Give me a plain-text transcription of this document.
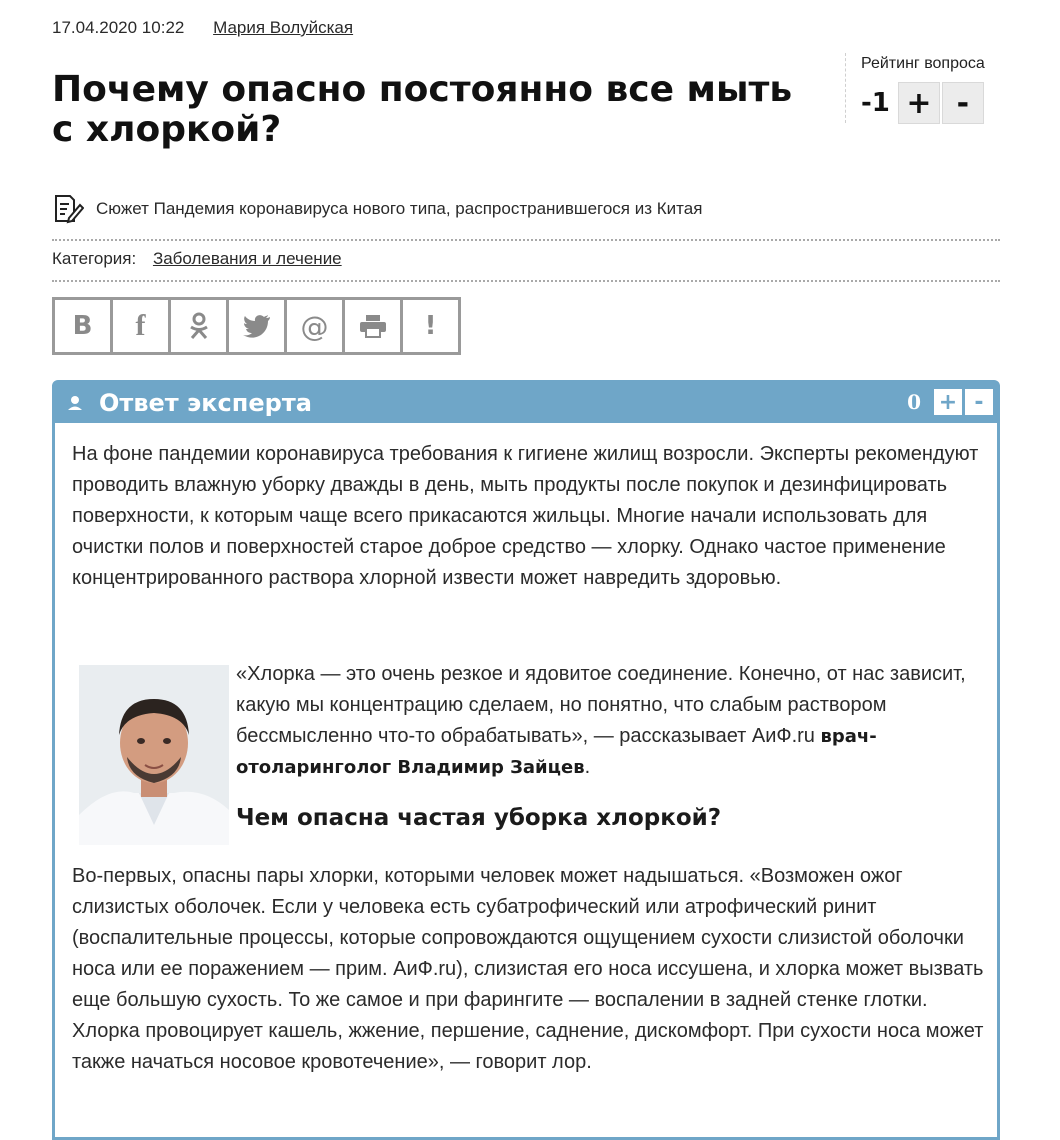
17.04.2020 10:22 Мария Волуйская
Почему опасно постоянно все мыть с хлоркой?
Рейтинг вопроса
-1 + -
Сюжет Пандемия коронавируса нового типа, распространившегося из Китая
Категория: Заболевания и лечение
B f	@	!
Ответ эксперта	0 + -

На фоне пандемии коронавируса требования к гигиене жилищ возросли. Эксперты рекомендуют проводить влажную уборку дважды в день, мыть продукты после покупок и дезинфицировать поверхности, к которым чаще всего прикасаются жильцы. Многие начали использовать для очистки полов и поверхностей старое доброе средство — хлорку. Однако частое применение концентрированного раствора хлорной извести может навредить здоровью.

«Хлорка — это очень резкое и ядовитое соединение. Конечно, от нас зависит, какую мы концентрацию сделаем, но понятно, что слабым раствором бессмысленно что-то обрабатывать», — рассказывает АиФ.ru врач-отоларинголог Владимир Зайцев.

Чем опасна частая уборка хлоркой?

Во-первых, опасны пары хлорки, которыми человек может надышаться. «Возможен ожог слизистых оболочек. Если у человека есть субатрофический или атрофический ринит (воспалительные процессы, которые сопровождаются ощущением сухости слизистой оболочки носа или ее поражением — прим. АиФ.ru), слизистая его носа иссушена, и хлорка может вызвать еще большую сухость. То же самое и при фарингите — воспалении в задней стенке глотки. Хлорка провоцирует кашель, жжение, першение, саднение, дискомфорт. При сухости носа может также начаться носовое кровотечение», — говорит лор.
